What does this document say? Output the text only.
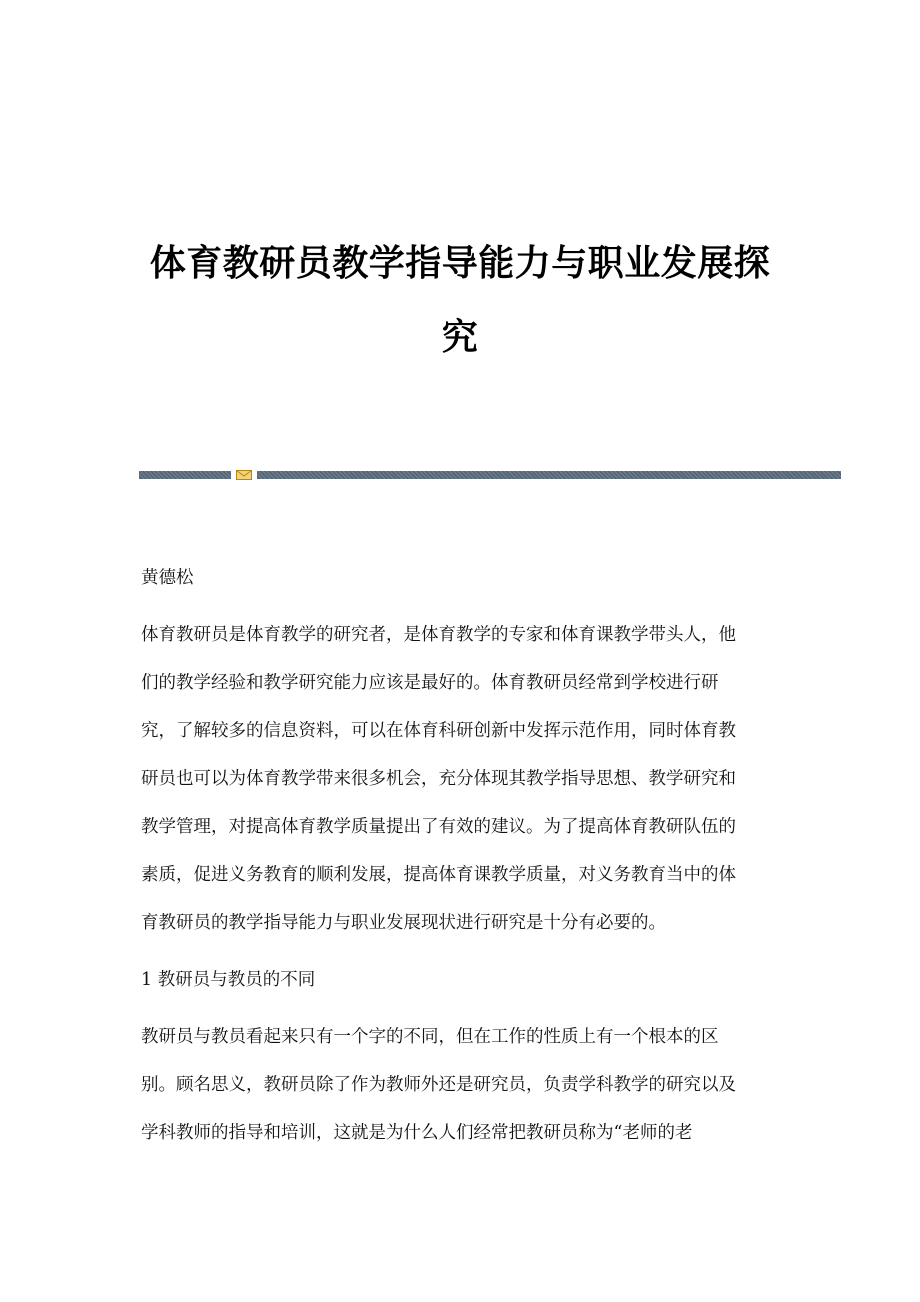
体育教研员教学指导能力与职业发展探
究
黄德松
体育教研员是体育教学的研究者，是体育教学的专家和体育课教学带头人，他
们的教学经验和教学研究能力应该是最好的。体育教研员经常到学校进行研
究，了解较多的信息资料，可以在体育科研创新中发挥示范作用，同时体育教
研员也可以为体育教学带来很多机会，充分体现其教学指导思想、教学研究和
教学管理，对提高体育教学质量提出了有效的建议。为了提高体育教研队伍的
素质，促进义务教育的顺利发展，提高体育课教学质量，对义务教育当中的体
育教研员的教学指导能力与职业发展现状进行研究是十分有必要的。
1 教研员与教员的不同
教研员与教员看起来只有一个字的不同，但在工作的性质上有一个根本的区
别。顾名思义，教研员除了作为教师外还是研究员，负责学科教学的研究以及
学科教师的指导和培训，这就是为什么人们经常把教研员称为“老师的老
